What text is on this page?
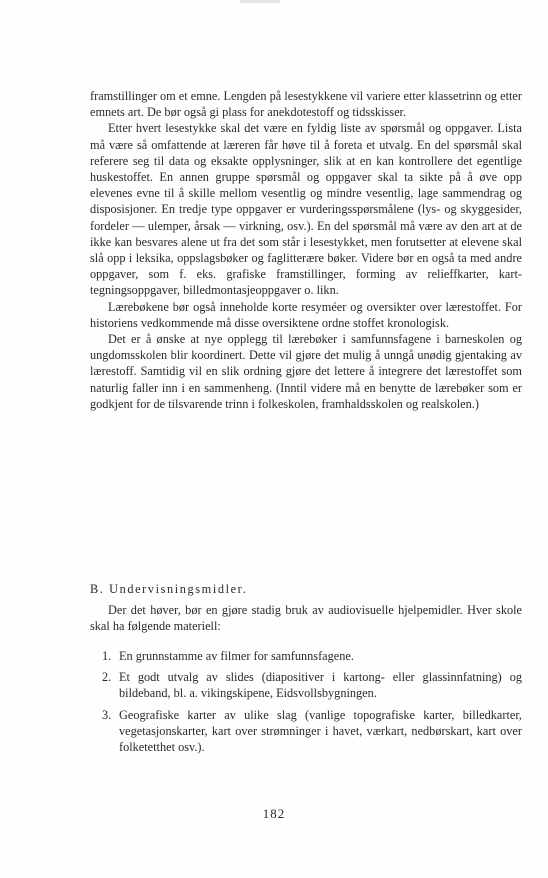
framstillinger om et emne. Lengden på lesestykkene vil variere etter klassetrinn og etter emnets art. De bør også gi plass for anekdotestoff og tidsskisser.

Etter hvert lesestykke skal det være en fyldig liste av spørsmål og oppgaver. Lista må være så omfattende at læreren får høve til å foreta et utvalg. En del spørsmål skal referere seg til data og eksakte opplysninger, slik at en kan kontrollere det egentlige huskestoffet. En annen gruppe spørsmål og oppgaver skal ta sikte på å øve opp elevenes evne til å skille mellom vesentlig og mindre vesentlig, lage sammendrag og disposisjoner. En tredje type oppgaver er vurderingsspørsmålene (lys- og skyggesider, fordeler — ulemper, årsak — virkning, osv.). En del spørsmål må være av den art at de ikke kan besvares alene ut fra det som står i lesestykket, men forutsetter at elevene skal slå opp i leksika, oppslagsbøker og faglitterære bøker. Videre bør en også ta med andre oppgaver, som f. eks. grafiske framstillinger, forming av relieffkarter, kart-tegningsoppgaver, billedmontasjeoppgaver o. likn.

Lærebøkene bør også inneholde korte resyméer og oversikter over lærestoffet. For historiens vedkommende må disse oversiktene ordne stoffet kronologisk.

Det er å ønske at nye opplegg til lærebøker i samfunnsfagene i barneskolen og ungdomsskolen blir koordinert. Dette vil gjøre det mulig å unngå unødig gjentaking av lærestoff. Samtidig vil en slik ordning gjøre det lettere å integrere det lærestoffet som naturlig faller inn i en sammenheng. (Inntil videre må en benytte de lærebøker som er godkjent for de tilsvarende trinn i folkeskolen, framhaldsskolen og realskolen.)

B. Undervisningsmidler.

Der det høver, bør en gjøre stadig bruk av audiovisuelle hjelpemidler. Hver skole skal ha følgende materiell:

1. En grunnstamme av filmer for samfunnsfagene.
2. Et godt utvalg av slides (diapositiver i kartong- eller glassinnfatning) og bildeband, bl. a. vikingskipene, Eidsvollsbygningen.
3. Geografiske karter av ulike slag (vanlige topografiske karter, billedkarter, vegetasjonskarter, kart over strømninger i havet, værkart, nedbørskart, kart over folketetthet osv.).
182
